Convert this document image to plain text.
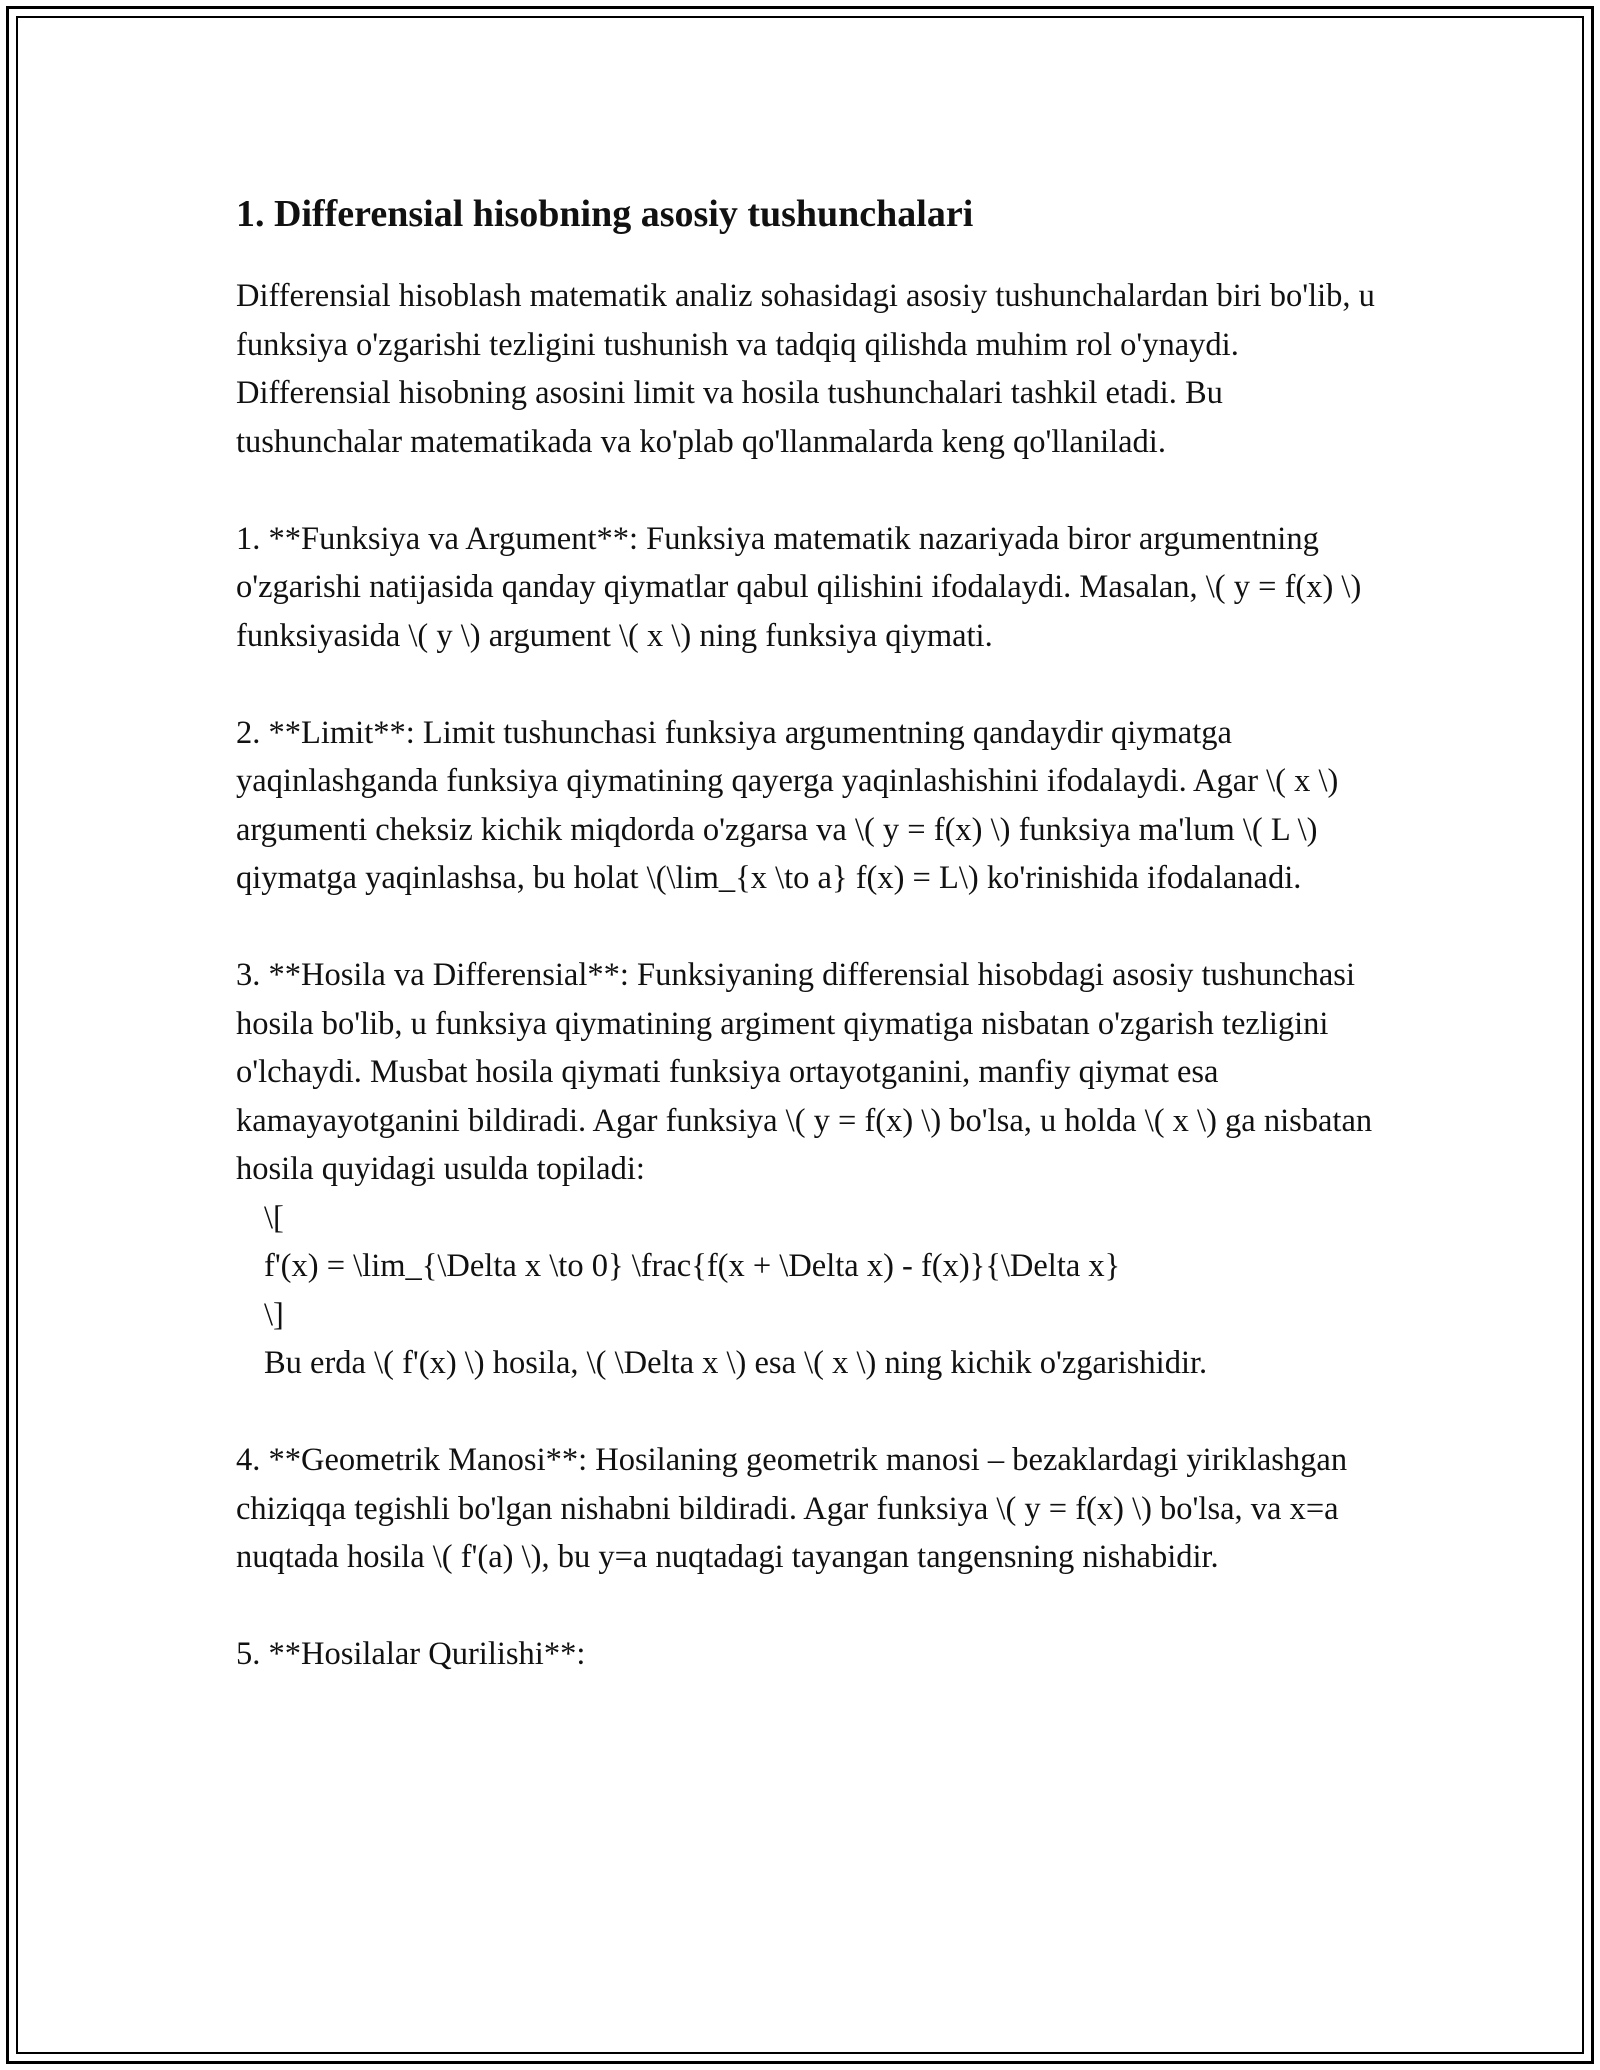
1. Differensial hisobning asosiy tushunchalari

Differensial hisoblash matematik analiz sohasidagi asosiy tushunchalardan biri bo'lib, u funksiya o'zgarishi tezligini tushunish va tadqiq qilishda muhim rol o'ynaydi. Differensial hisobning asosini limit va hosila tushunchalari tashkil etadi. Bu tushunchalar matematikada va ko'plab qo'llanmalarda keng qo'llaniladi.

1. **Funksiya va Argument**: Funksiya matematik nazariyada biror argumentning o'zgarishi natijasida qanday qiymatlar qabul qilishini ifodalaydi. Masalan, \( y = f(x) \) funksiyasida \( y \) argument \( x \) ning funksiya qiymati.

2. **Limit**: Limit tushunchasi funksiya argumentning qandaydir qiymatga yaqinlashganda funksiya qiymatining qayerga yaqinlashishini ifodalaydi. Agar \( x \) argumenti cheksiz kichik miqdorda o'zgarsa va \( y = f(x) \) funksiya ma'lum \( L \) qiymatga yaqinlashsa, bu holat \(\lim_{x \to a} f(x) = L\) ko'rinishida ifodalanadi.

3. **Hosila va Differensial**: Funksiyaning differensial hisobdagi asosiy tushunchasi hosila bo'lib, u funksiya qiymatining argiment qiymatiga nisbatan o'zgarish tezligini o'lchaydi. Musbat hosila qiymati funksiya ortayotganini, manfiy qiymat esa kamayayotganini bildiradi. Agar funksiya \( y = f(x) \) bo'lsa, u holda \( x \) ga nisbatan hosila quyidagi usulda topiladi:

\[

f'(x) = \lim_{\Delta x \to 0} \frac{f(x + \Delta x) - f(x)}{\Delta x}

\]

Bu erda \( f'(x) \) hosila, \( \Delta x \) esa \( x \) ning kichik o'zgarishidir.

4. **Geometrik Manosi**: Hosilaning geometrik manosi – bezaklardagi yiriklashgan chiziqqa tegishli bo'lgan nishabni bildiradi. Agar funksiya \( y = f(x) \) bo'lsa, va x=a nuqtada hosila \( f'(a) \), bu y=a nuqtadagi tayangan tangensning nishabidir.

5. **Hosilalar Qurilishi**:
